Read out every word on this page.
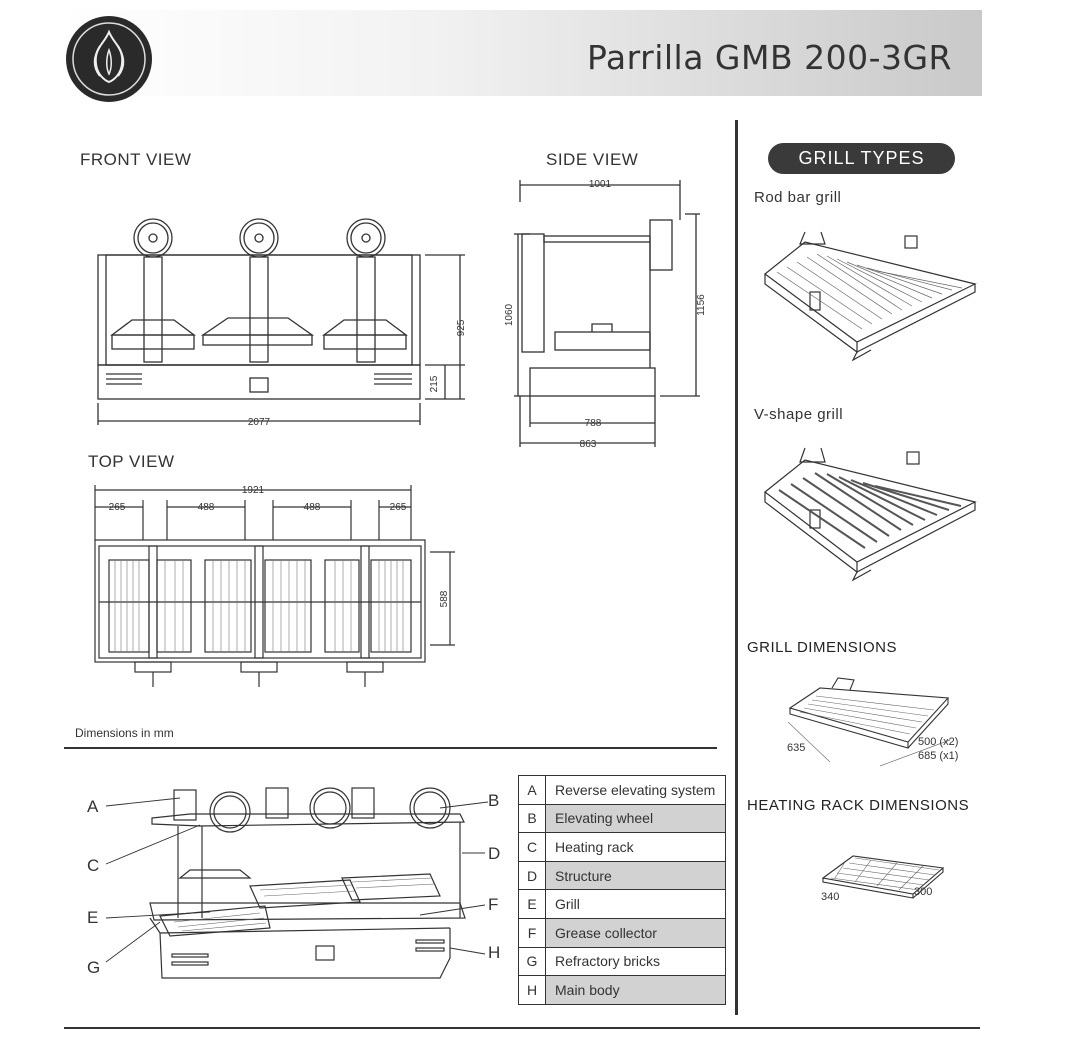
Parrilla GMB 200-3GR
FRONT VIEW	SIDE VIEW
TOP VIEW
Dimensions in mm
2077
925
215
1001
1060	1156
788
863
1921
265	488	488	265
588
A
C
E
G
B
D
F
H
A	Reverse elevating system
B	Elevating wheel
C	Heating rack
D	Structure
E	Grill
F	Grease collector
G	Refractory bricks
H	Main body
GRILL TYPES
Rod bar grill
V-shape grill
GRILL DIMENSIONS
635	500 (x2)
685 (x1)
HEATING RACK DIMENSIONS
340	300
